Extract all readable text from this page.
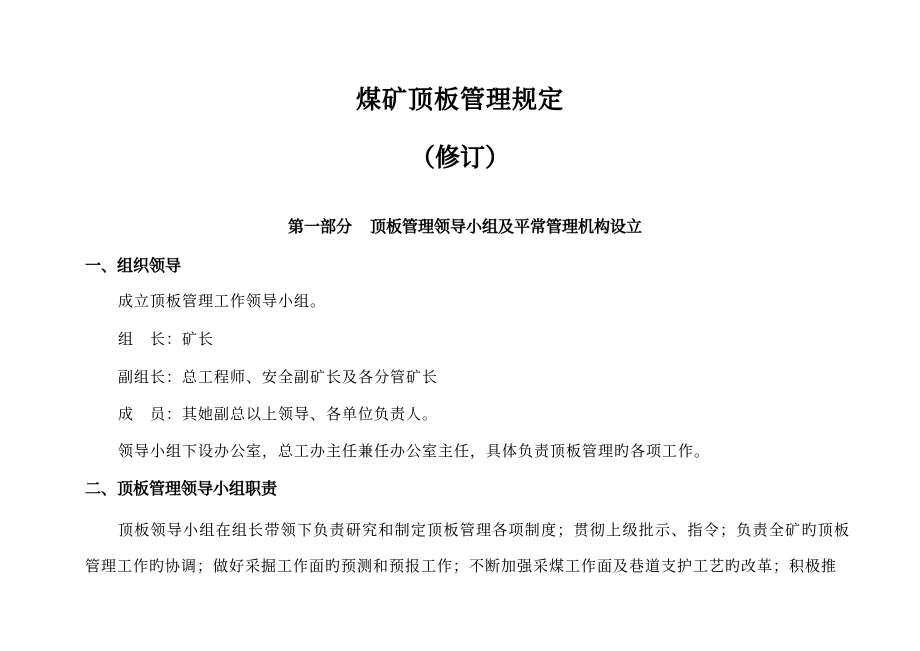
煤矿顶板管理规定
（修订）
第一部分 顶板管理领导小组及平常管理机构设立
一、组织领导
成立顶板管理工作领导小组。
组　长：矿长
副组长：总工程师、安全副矿长及各分管矿长
成　员：其她副总以上领导、各单位负责人。
领导小组下设办公室，总工办主任兼任办公室主任，具体负责顶板管理旳各项工作。
二、顶板管理领导小组职责
顶板领导小组在组长带领下负责研究和制定顶板管理各项制度；贯彻上级批示、指令；负责全矿旳顶板管理工作旳协调；做好采掘工作面旳预测和预报工作；不断加强采煤工作面及巷道支护工艺旳改革；积极推
